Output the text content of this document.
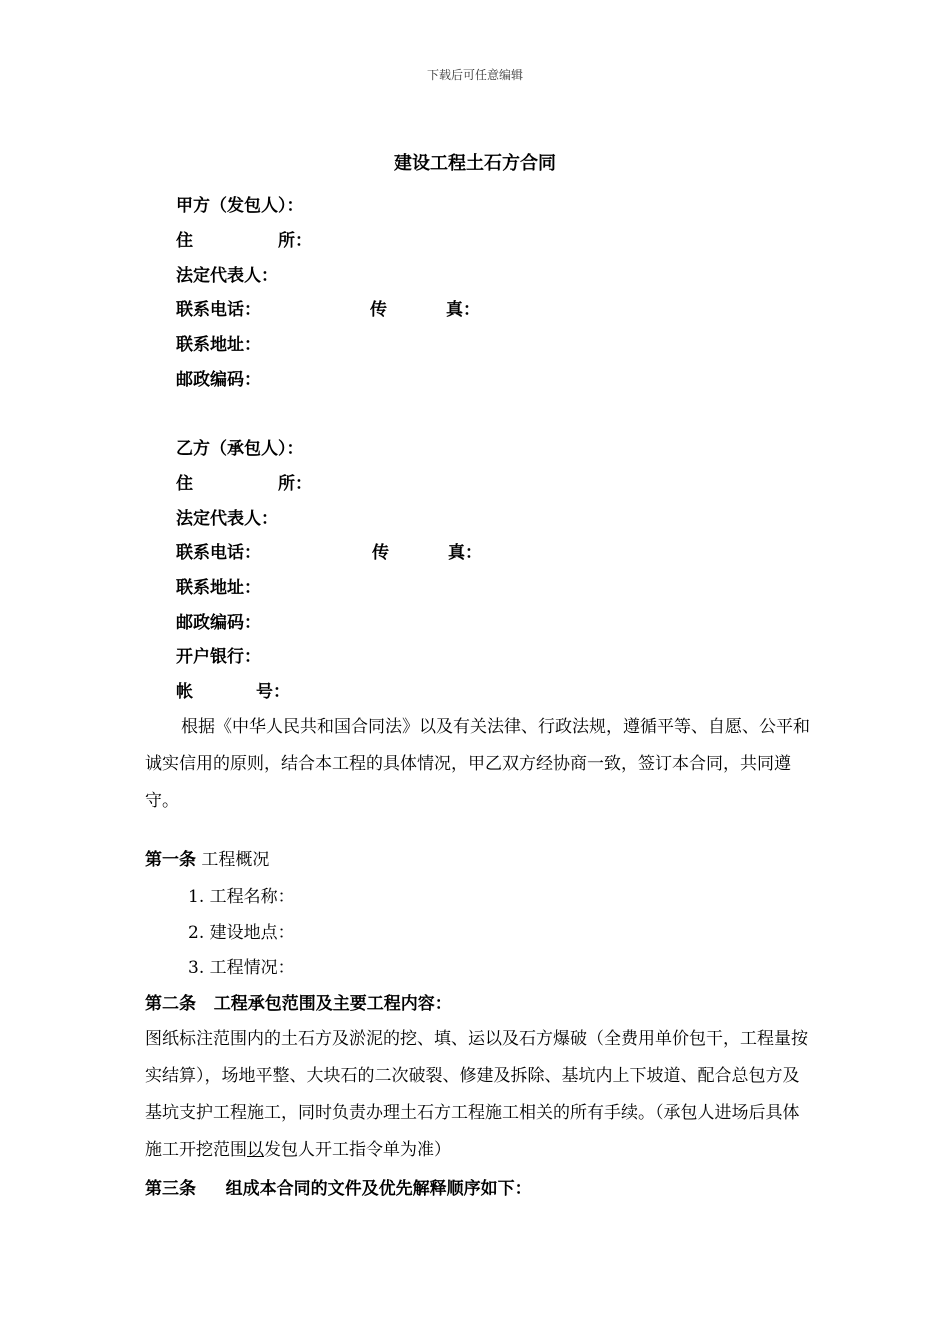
下载后可任意编辑
建设工程土石方合同
甲方（发包人）：
住	所：
法定代表人：
联系电话：	传	真：
联系地址：
邮政编码：
乙方（承包人）：
住	所：
法定代表人：
联系电话：	传	真：
联系地址：
邮政编码：
开户银行：
帐	号：
根据《中华人民共和国合同法》以及有关法律、行政法规，遵循平等、自愿、公平和诚实信用的原则，结合本工程的具体情况，甲乙双方经协商一致，签订本合同，共同遵守。
第一条 工程概况
1. 工程名称：
2. 建设地点：
3. 工程情况：
第二条 工程承包范围及主要工程内容：
图纸标注范围内的土石方及淤泥的挖、填、运以及石方爆破（全费用单价包干，工程量按实结算），场地平整、大块石的二次破裂、修建及拆除、基坑内上下坡道、配合总包方及基坑支护工程施工，同时负责办理土石方工程施工相关的所有手续。（承包人进场后具体施工开挖范围以发包人开工指令单为准）
第三条 组成本合同的文件及优先解释顺序如下：
